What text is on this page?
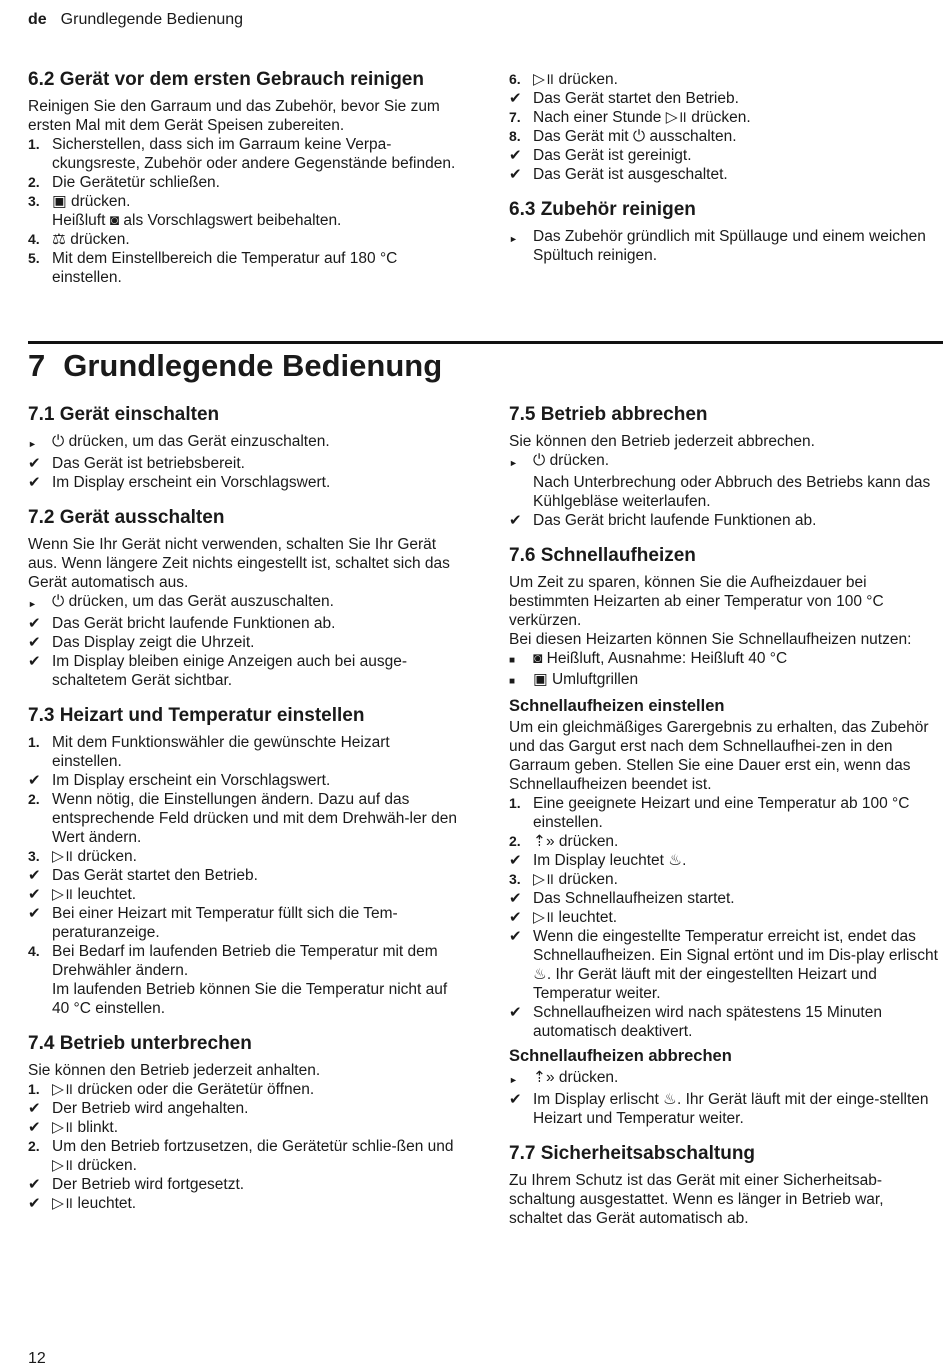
de Grundlegende Bedienung
6.2 Gerät vor dem ersten Gebrauch reinigen
Reinigen Sie den Garraum und das Zubehör, bevor Sie zum ersten Mal mit dem Gerät Speisen zubereiten.
1. Sicherstellen, dass sich im Garraum keine Verpa-ckungsreste, Zubehör oder andere Gegenstände befinden.
2. Die Gerätetür schließen.
3. ▣ drücken.
Heißluft ◙ als Vorschlagswert beibehalten.
4. ⚖ drücken.
5. Mit dem Einstellbereich die Temperatur auf 180 °C einstellen.
6. ▷॥ drücken.
✔ Das Gerät startet den Betrieb.
7. Nach einer Stunde ▷॥ drücken.
8. Das Gerät mit ⏻ ausschalten.
✔ Das Gerät ist gereinigt.
✔ Das Gerät ist ausgeschaltet.
6.3 Zubehör reinigen
► Das Zubehör gründlich mit Spüllauge und einem weichen Spültuch reinigen.
7 Grundlegende Bedienung
7.1 Gerät einschalten
► ⏻ drücken, um das Gerät einzuschalten.
✔ Das Gerät ist betriebsbereit.
✔ Im Display erscheint ein Vorschlagswert.
7.2 Gerät ausschalten
Wenn Sie Ihr Gerät nicht verwenden, schalten Sie Ihr Gerät aus. Wenn längere Zeit nichts eingestellt ist, schaltet sich das Gerät automatisch aus.
► ⏻ drücken, um das Gerät auszuschalten.
✔ Das Gerät bricht laufende Funktionen ab.
✔ Das Display zeigt die Uhrzeit.
✔ Im Display bleiben einige Anzeigen auch bei ausge-schaltetem Gerät sichtbar.
7.3 Heizart und Temperatur einstellen
1. Mit dem Funktionswähler die gewünschte Heizart einstellen.
✔ Im Display erscheint ein Vorschlagswert.
2. Wenn nötig, die Einstellungen ändern. Dazu auf das entsprechende Feld drücken und mit dem Drehwäh-ler den Wert ändern.
3. ▷॥ drücken.
✔ Das Gerät startet den Betrieb.
✔ ▷॥ leuchtet.
✔ Bei einer Heizart mit Temperatur füllt sich die Tem-peraturanzeige.
4. Bei Bedarf im laufenden Betrieb die Temperatur mit dem Drehwähler ändern.
Im laufenden Betrieb können Sie die Temperatur nicht auf 40 °C einstellen.
7.4 Betrieb unterbrechen
Sie können den Betrieb jederzeit anhalten.
1. ▷॥ drücken oder die Gerätetür öffnen.
✔ Der Betrieb wird angehalten.
✔ ▷॥ blinkt.
2. Um den Betrieb fortzusetzen, die Gerätetür schlie-ßen und ▷॥ drücken.
✔ Der Betrieb wird fortgesetzt.
✔ ▷॥ leuchtet.
7.5 Betrieb abbrechen
Sie können den Betrieb jederzeit abbrechen.
► ⏻ drücken.
Nach Unterbrechung oder Abbruch des Betriebs kann das Kühlgebläse weiterlaufen.
✔ Das Gerät bricht laufende Funktionen ab.
7.6 Schnellaufheizen
Um Zeit zu sparen, können Sie die Aufheizdauer bei bestimmten Heizarten ab einer Temperatur von 100 °C verkürzen.
Bei diesen Heizarten können Sie Schnellaufheizen nutzen:
■	◙ Heißluft, Ausnahme: Heißluft 40 °C
■	▣ Umluftgrillen
Schnellaufheizen einstellen
Um ein gleichmäßiges Garergebnis zu erhalten, das Zubehör und das Gargut erst nach dem Schnellaufhei-zen in den Garraum geben. Stellen Sie eine Dauer erst ein, wenn das Schnellaufheizen beendet ist.
1. Eine geeignete Heizart und eine Temperatur ab 100 °C einstellen.
2. ⇡» drücken.
✔ Im Display leuchtet ♨.
3. ▷॥ drücken.
✔ Das Schnellaufheizen startet.
✔ ▷॥ leuchtet.
✔ Wenn die eingestellte Temperatur erreicht ist, endet das Schnellaufheizen. Ein Signal ertönt und im Dis-play erlischt ♨. Ihr Gerät läuft mit der eingestellten Heizart und Temperatur weiter.
✔ Schnellaufheizen wird nach spätestens 15 Minuten automatisch deaktivert.
Schnellaufheizen abbrechen
► ⇡» drücken.
✔ Im Display erlischt ♨. Ihr Gerät läuft mit der einge-stellten Heizart und Temperatur weiter.
7.7 Sicherheitsabschaltung
Zu Ihrem Schutz ist das Gerät mit einer Sicherheitsab-schaltung ausgestattet. Wenn es länger in Betrieb war, schaltet das Gerät automatisch ab.
12
